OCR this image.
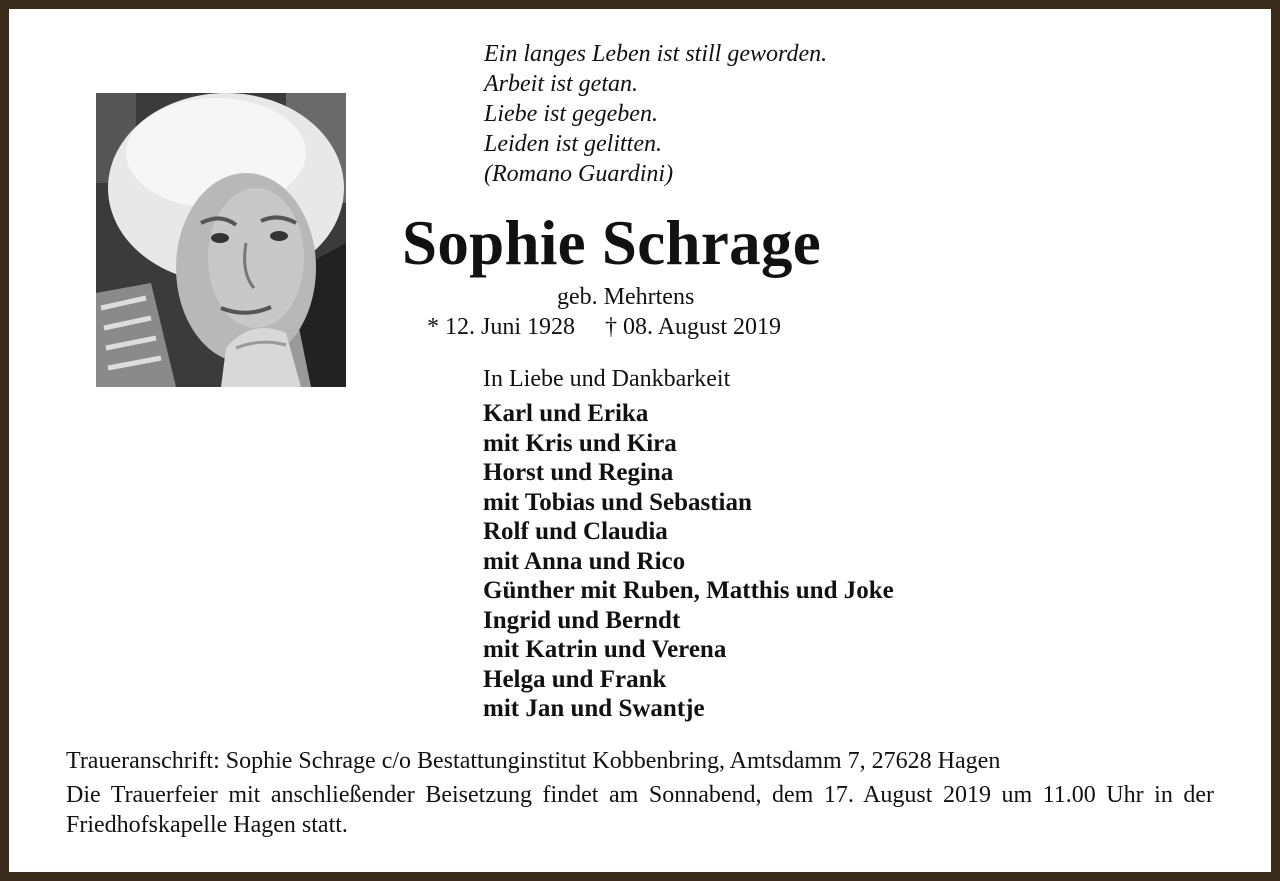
Ein langes Leben ist still geworden.
Arbeit ist getan.
Liebe ist gegeben.
Leiden ist gelitten.
(Romano Guardini)
Sophie Schrage
geb. Mehrtens
* 12. Juni 1928 † 08. August 2019
In Liebe und Dankbarkeit
Karl und Erika
mit Kris und Kira
Horst und Regina
mit Tobias und Sebastian
Rolf und Claudia
mit Anna und Rico
Günther mit Ruben, Matthis und Joke
Ingrid und Berndt
mit Katrin und Verena
Helga und Frank
mit Jan und Swantje
Traueranschrift: Sophie Schrage c/o Bestattunginstitut Kobbenbring, Amtsdamm 7, 27628 Hagen
Die Trauerfeier mit anschließender Beisetzung findet am Sonnabend, dem 17. August 2019 um 11.00 Uhr in der Friedhofskapelle Hagen statt.
